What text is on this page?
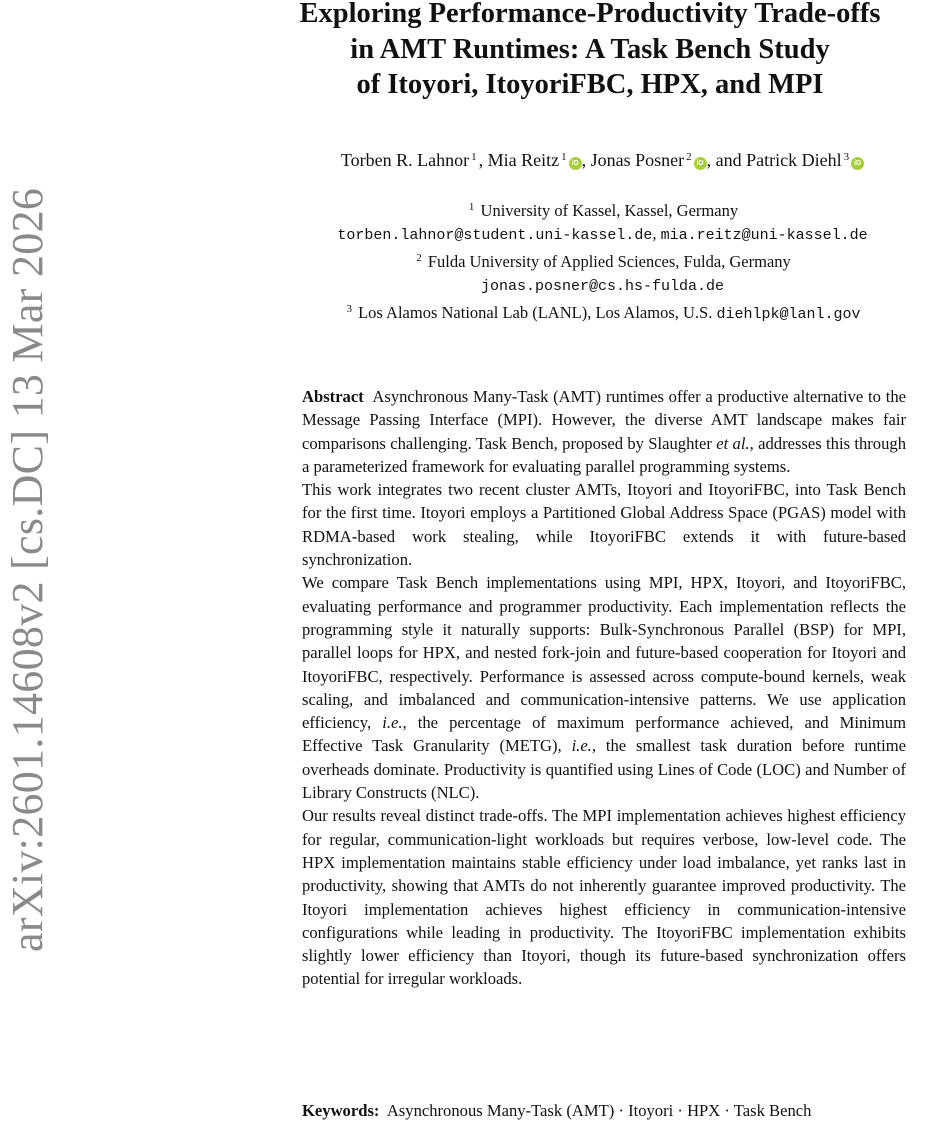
arXiv:2601.14608v2 [cs.DC] 13 Mar 2026
Exploring Performance-Productivity Trade-offs
in AMT Runtimes: A Task Bench Study
of Itoyori, ItoyoriFBC, HPX, and MPI
Torben R. Lahnor $^1$ , Mia Reitz $^1$iD , Jonas Posner $^2$iD , and Patrick Diehl $^3$iD
$^1$ University of Kassel, Kassel, Germany
torben.lahnor@student.uni-kassel.de, mia.reitz@uni-kassel.de
$^2$ Fulda University of Applied Sciences, Fulda, Germany
jonas.posner@cs.hs-fulda.de
$^3$ Los Alamos National Lab (LANL), Los Alamos, U.S. diehlpk@lanl.gov

Abstract Asynchronous Many-Task (AMT) runtimes offer a productive alternative to the Message Passing Interface (MPI). However, the diverse AMT landscape makes fair comparisons challenging. Task Bench, proposed by Slaughter et al., addresses this through a parameterized framework for evaluating parallel programming systems.

This work integrates two recent cluster AMTs, Itoyori and ItoyoriFBC, into Task Bench for the first time. Itoyori employs a Partitioned Global Address Space (PGAS) model with RDMA-based work stealing, while ItoyoriFBC extends it with future-based synchronization.

We compare Task Bench implementations using MPI, HPX, Itoyori, and ItoyoriFBC, evaluating performance and programmer productivity. Each implementation reflects the programming style it naturally supports: Bulk-Synchronous Parallel (BSP) for MPI, parallel loops for HPX, and nested fork-join and future-based cooperation for Itoyori and ItoyoriFBC, respectively. Performance is assessed across compute-bound kernels, weak scaling, and imbalanced and communication-intensive patterns. We use application efficiency, i.e., the percentage of maximum performance achieved, and Minimum Effective Task Granularity (METG), i.e., the smallest task duration before runtime overheads dominate. Productivity is quantified using Lines of Code (LOC) and Number of Library Constructs (NLC).

Our results reveal distinct trade-offs. The MPI implementation achieves highest efficiency for regular, communication-light workloads but requires verbose, low-level code. The HPX implementation maintains stable efficiency under load imbalance, yet ranks last in productivity, showing that AMTs do not inherently guarantee improved productivity. The Itoyori implementation achieves highest efficiency in communication-intensive configurations while leading in productivity. The ItoyoriFBC implementation exhibits slightly lower efficiency than Itoyori, though its future-based synchronization offers potential for irregular workloads.

Keywords: Asynchronous Many-Task (AMT) · Itoyori · HPX · Task Bench
